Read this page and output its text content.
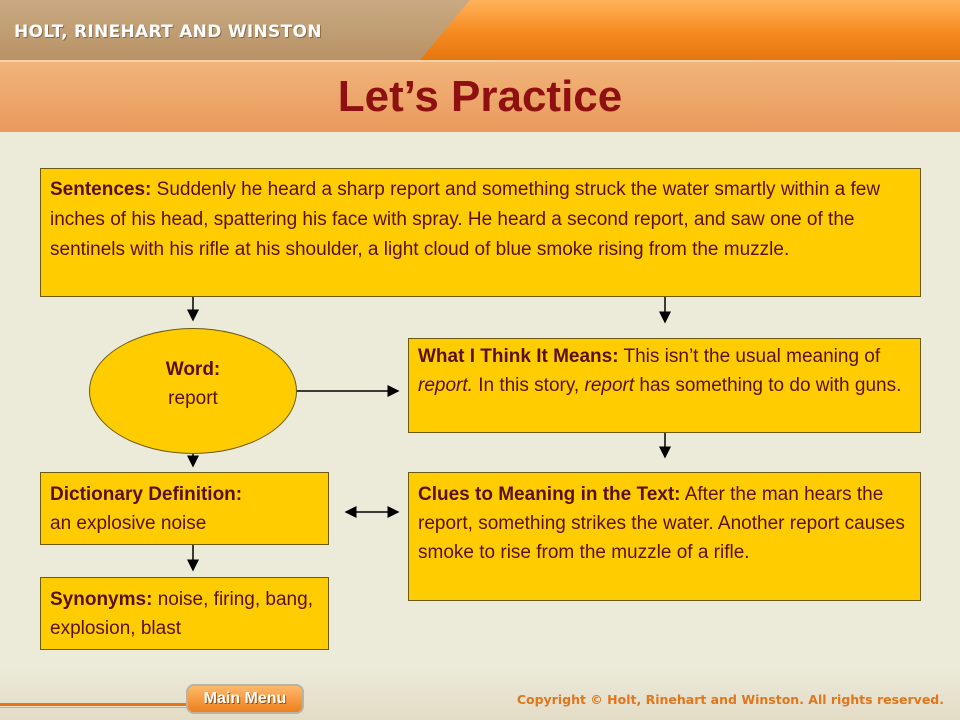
HOLT, RINEHART AND WINSTON
Let’s Practice
Sentences: Suddenly he heard a sharp report and something struck the water smartly within a few inches of his head, spattering his face with spray. He heard a second report, and saw one of the sentinels with his rifle at his shoulder, a light cloud of blue smoke rising from the muzzle.
Word:
report
What I Think It Means: This isn’t the usual meaning of report. In this story, report has something to do with guns.
Dictionary Definition:
an explosive noise
Clues to Meaning in the Text: After the man hears the report, something strikes the water. Another report causes smoke to rise from the muzzle of a rifle.
Synonyms: noise, firing, bang, explosion, blast
Main Menu	Copyright © Holt, Rinehart and Winston. All rights reserved.
